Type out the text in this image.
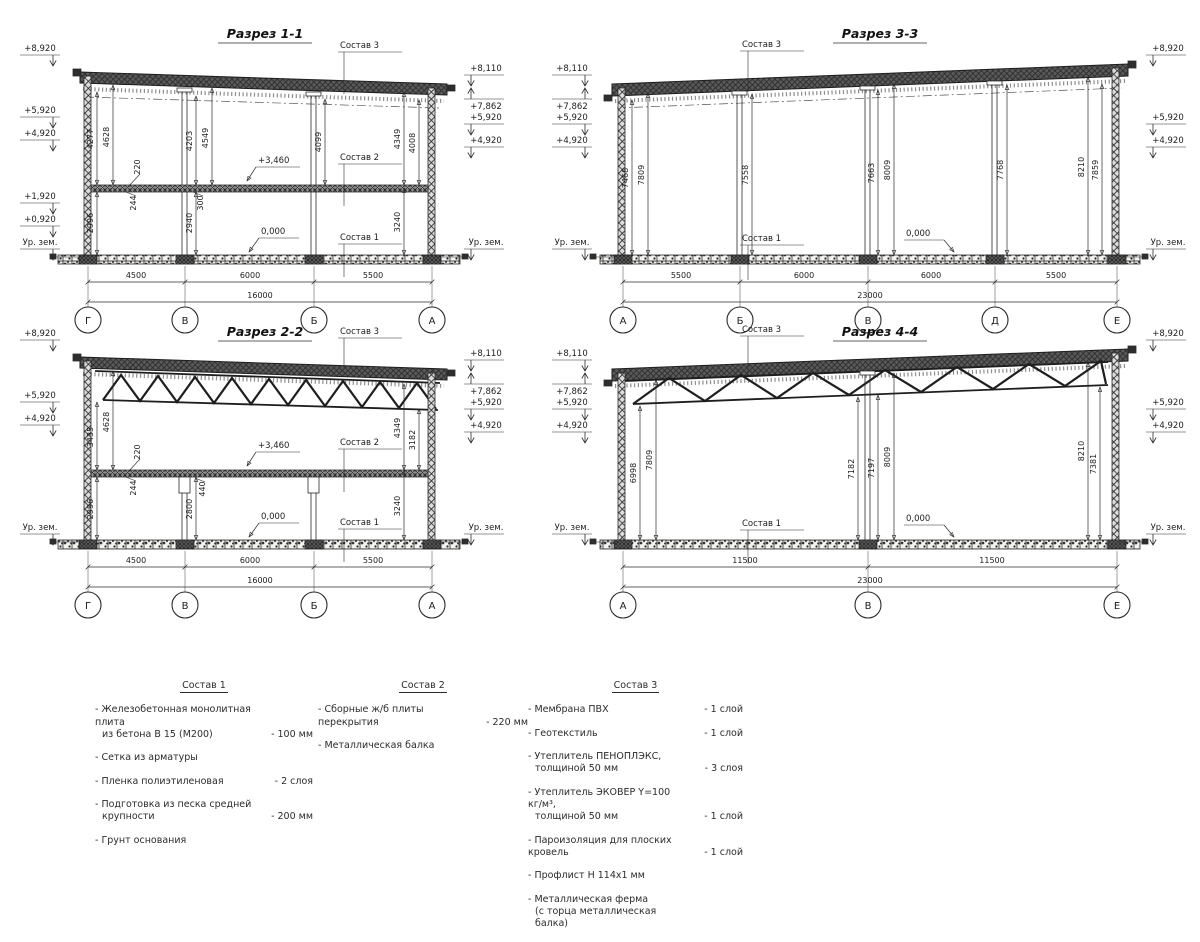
Разрез 1-1
4277 4628	4203 4549	4099	4349 4008
2996	2940	3240
220
244	300
+3,460
0,000
Состав 3
Состав 2
Состав 1
+8,920
+5,920
+4,920
+1,920
+0,920
Ур. зем.
+8,110
+7,862
+5,920
+4,920
Ур. зем.
4500	6000	5500
16000
Г	В	Б	А
Разрез 3-3
7468 7809	7558	7663 8009	7768	8210 7859
0,000
Состав 3
Состав 1
+8,110
+7,862
+5,920
+4,920
Ур. зем.
+8,920
+5,920
+4,920
Ур. зем.
5500	6000	6000	5500
23000
А	Б	В	Д	Е
Разрез 2-2
3435
4628	4349
3182
2996	2800	3240
220
244	440
+3,460
0,000
Состав 3
Состав 2
Состав 1
+8,920
+5,920
+4,920
Ур. зем.
+8,110
+7,862
+5,920
+4,920
Ур. зем.
4500	6000	5500
16000
Г	В	Б	А
Разрез 4-4
6998
7809	7182 7197
8009	8210
7381
0,000
Состав 3
Состав 1
+8,110
+7,862
+5,920
+4,920
Ур. зем.
+8,920
+5,920
+4,920
Ур. зем.
11500	11500
23000
А	В	Е
Состав 1
- Железобетонная монолитная плита
из бетона В 15 (М200)	- 100 мм
- Сетка из арматуры
- Пленка полиэтиленовая	- 2 слоя
- Подготовка из песка средней
крупности	- 200 мм
- Грунт основания
Состав 2
- Сборные ж/б плиты перекрытия	- 220 мм
- Металлическая балка
Состав 3
- Мембрана ПВХ	- 1 слой
- Геотекстиль	- 1 слой
- Утеплитель ПЕНОПЛЭКС,
толщиной 50 мм	- 3 слоя
- Утеплитель ЭКОВЕР Y=100 кг/м³,
толщиной 50 мм	- 1 слой
- Пароизоляция для плоских кровель	- 1 слой
- Профлист Н 114х1 мм
- Металлическая ферма
(с торца металлическая балка)
